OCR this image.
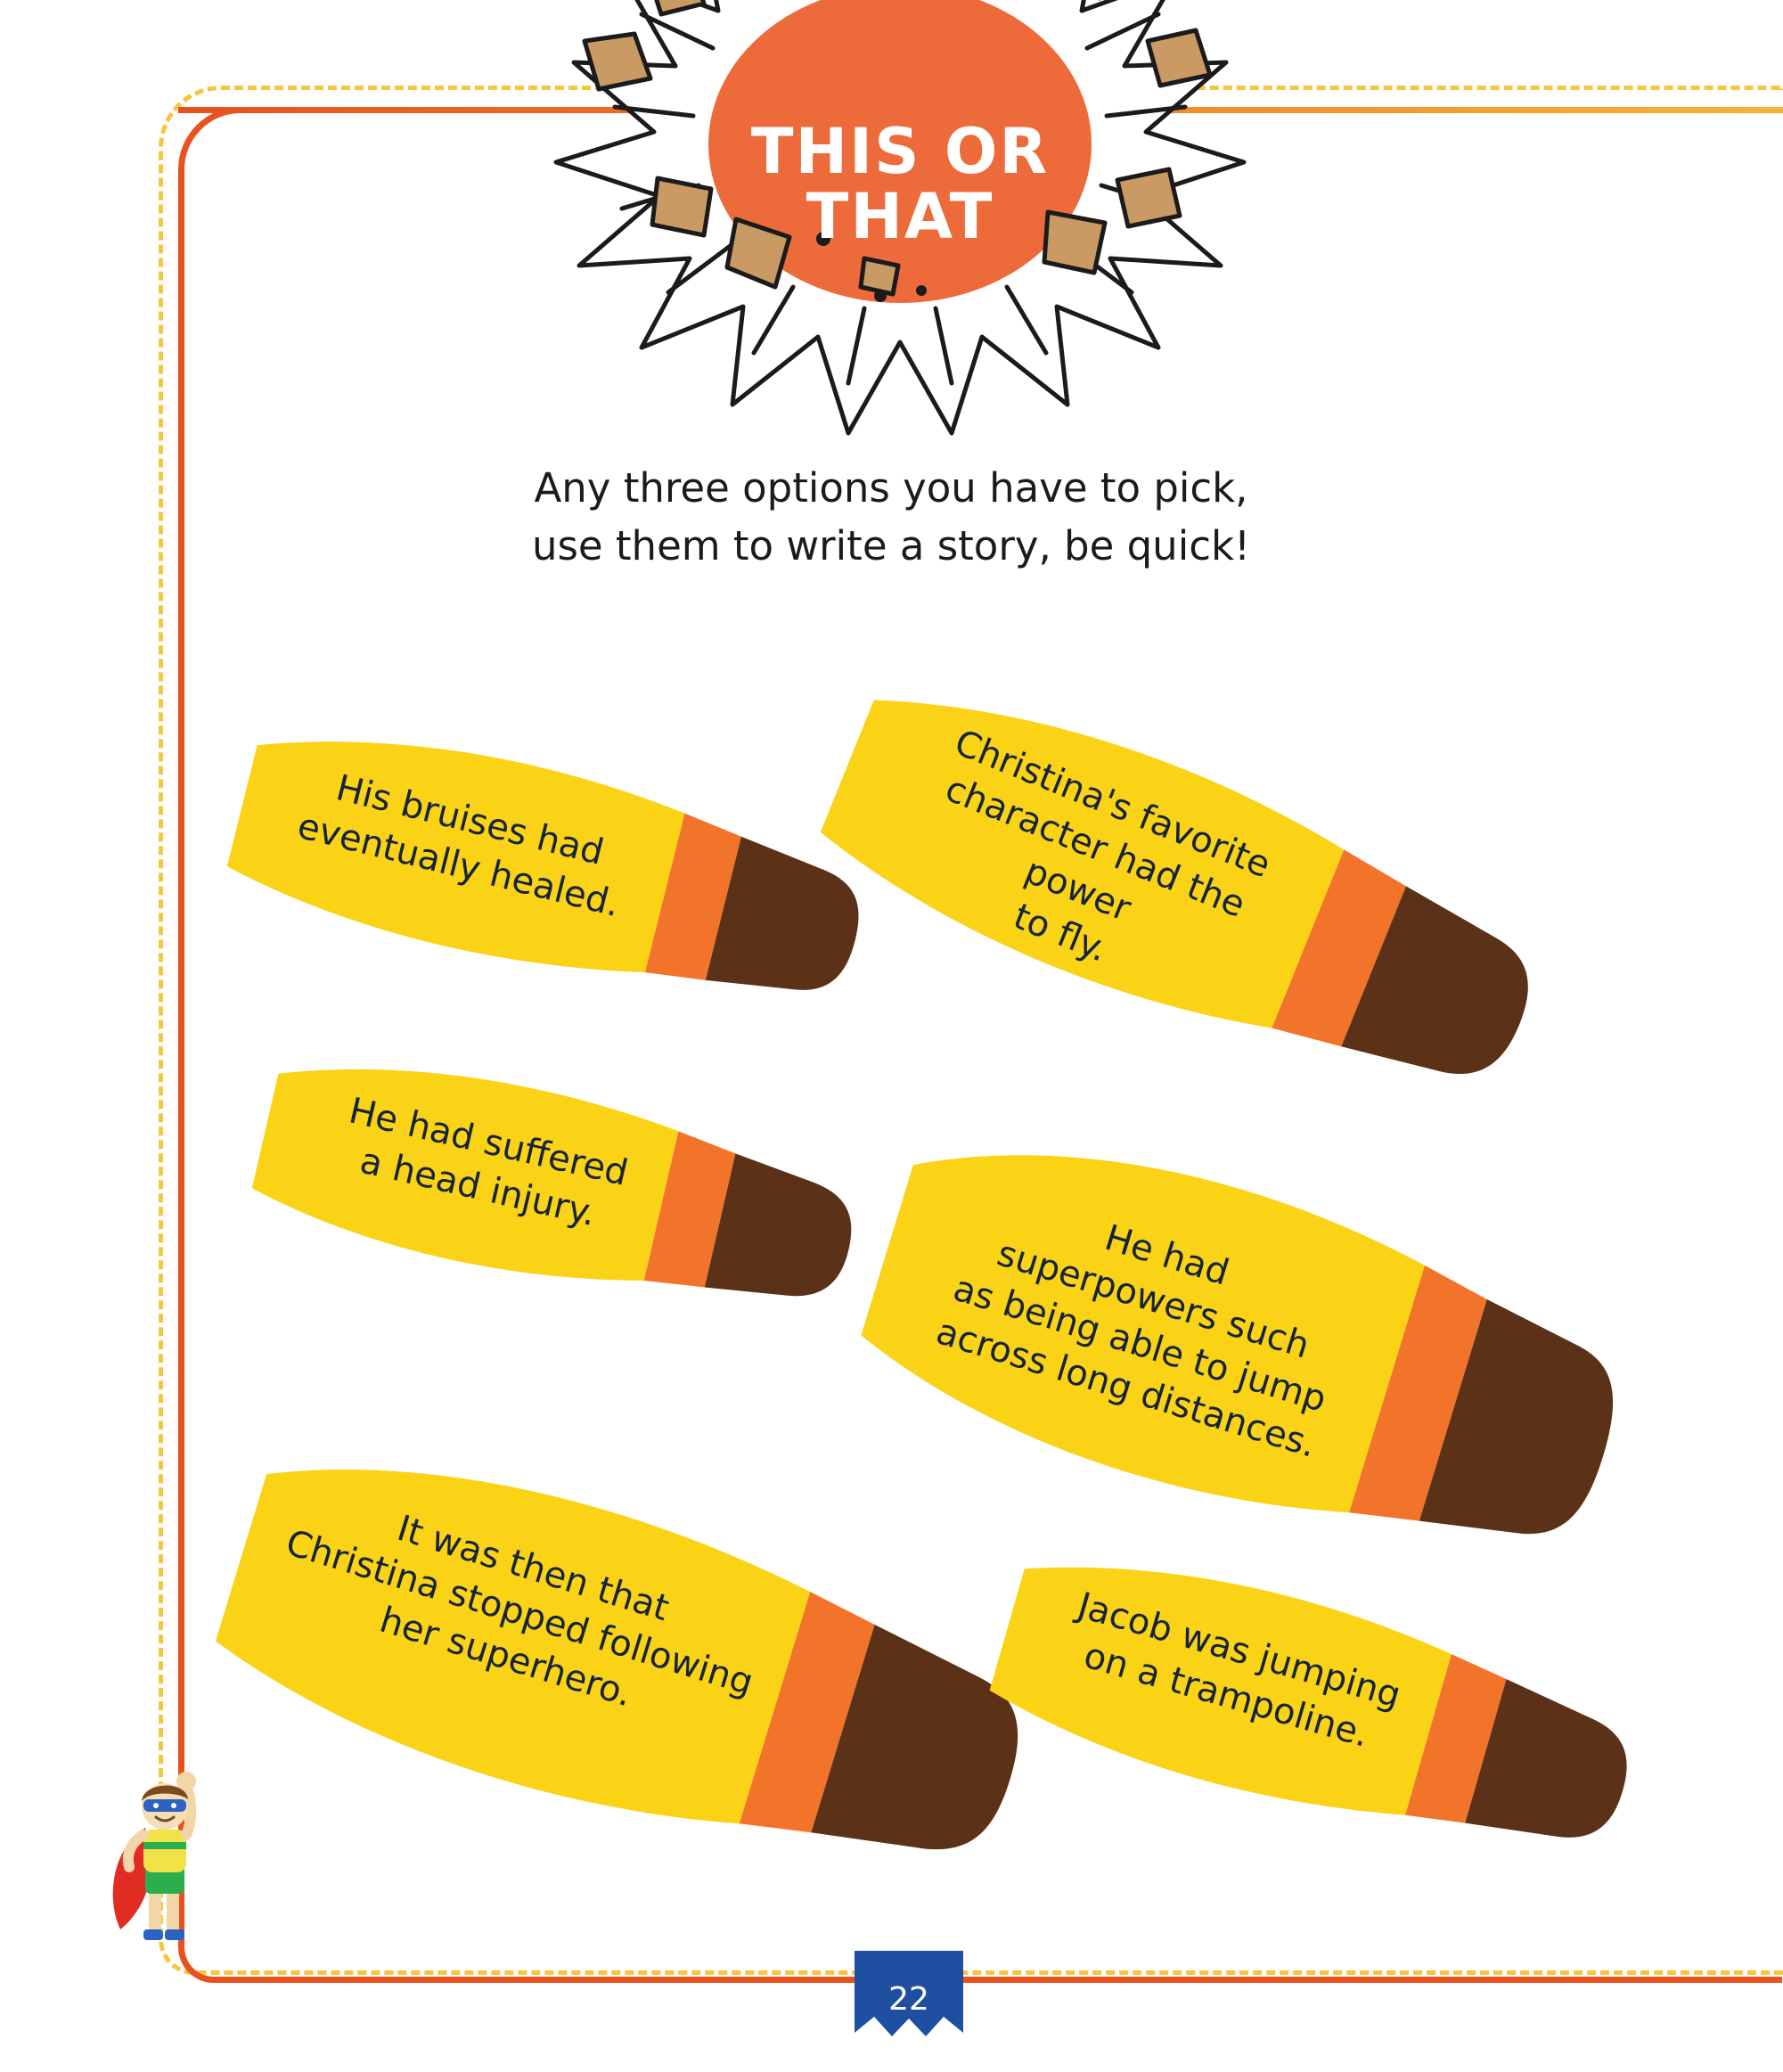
THIS OR
THAT
Any three options you have to pick,
use them to write a story, be quick!
His bruises had
eventually healed.	Christina's favorite
character had the power
to fly.
He had suffered
a head injury.
He had
superpowers such
as being able to jump
across long distances.
It was then that
Christina stopped following
her superhero.	Jacob was jumping
on a trampoline.
22
